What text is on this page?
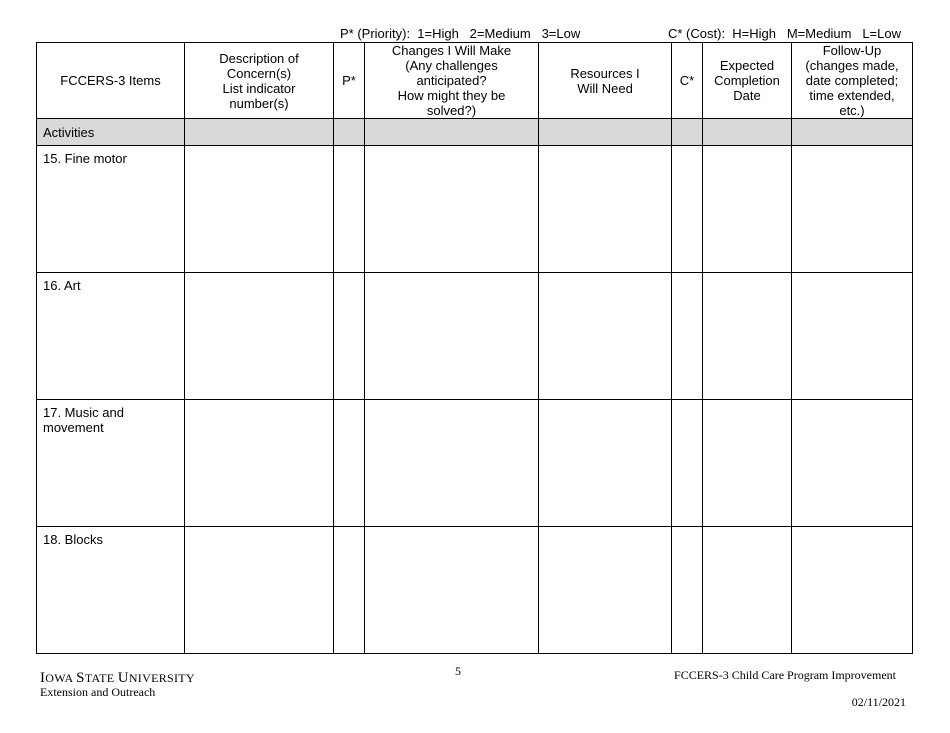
P* (Priority):  1=High   2=Medium   3=Low	C* (Cost):  H=High   M=Medium   L=Low
FCCERS-3 Items	Description of
Concern(s)
List indicator
number(s)	P*	Changes I Will Make
(Any challenges
anticipated?
How might they be
solved?)	Resources I
Will Need	C*	Expected
Completion
Date	Follow-Up
(changes made,
date completed;
time extended,
etc.)
Activities							
15. Fine motor							
16. Art							
17. Music and
movement							
18. Blocks							
IOWA STATE UNIVERSITY
Extension and Outreach
5	FCCERS-3 Child Care Program Improvement
02/11/2021
